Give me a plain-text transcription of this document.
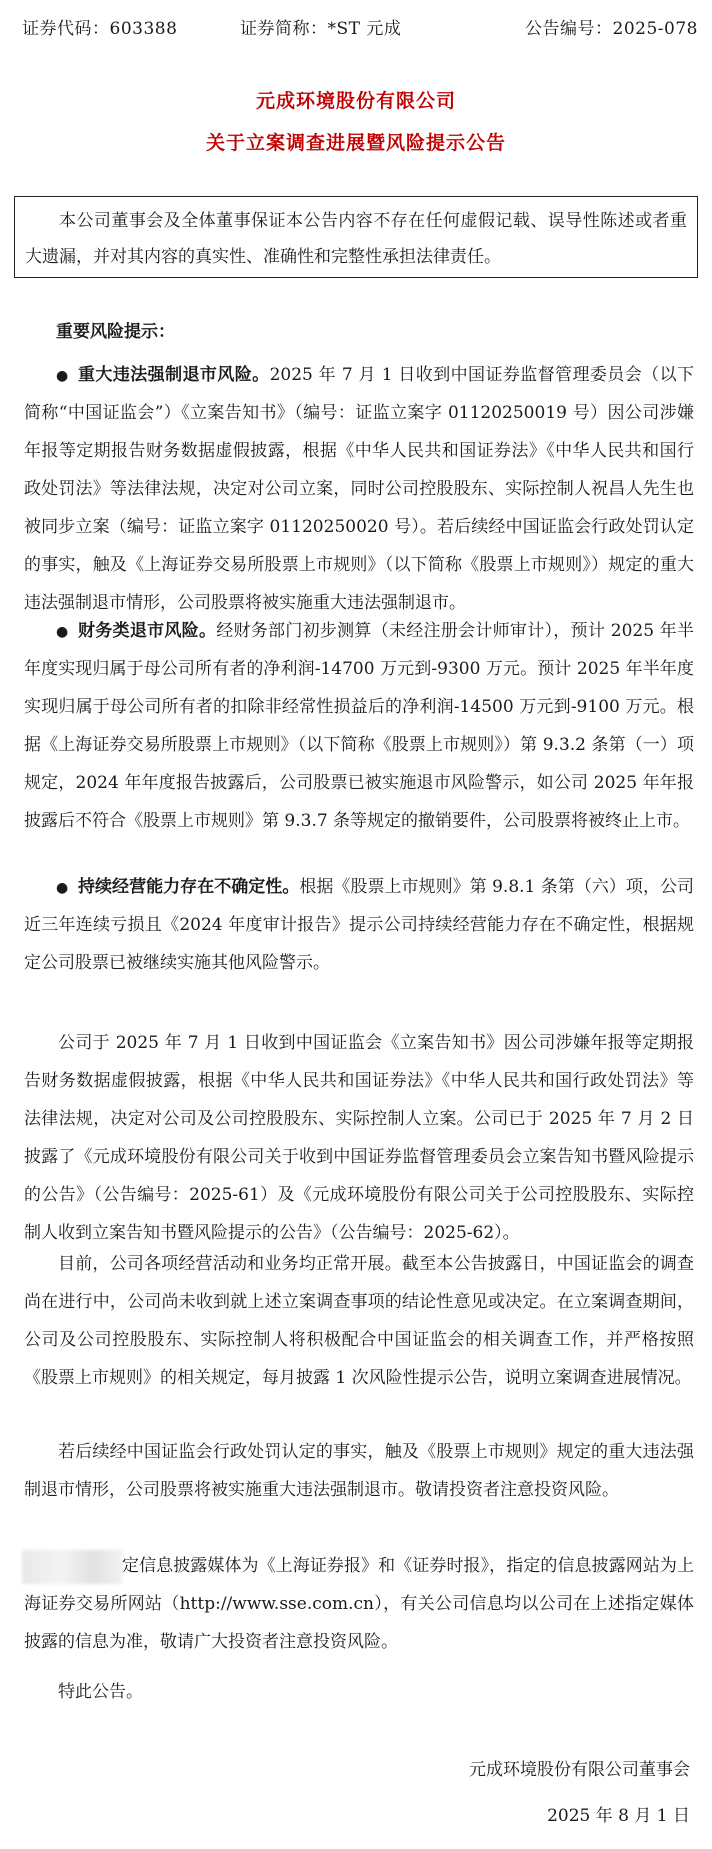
证券代码：603388	证券简称：*ST 元成	公告编号：2025-078
元成环境股份有限公司
关于立案调查进展暨风险提示公告
本公司董事会及全体董事保证本公告内容不存在任何虚假记载、误导性陈述或者重大遗漏，并对其内容的真实性、准确性和完整性承担法律责任。
重要风险提示：
● 重大违法强制退市风险。2025 年 7 月 1 日收到中国证券监督管理委员会（以下简称“中国证监会”）《立案告知书》（编号：证监立案字 01120250019 号）因公司涉嫌年报等定期报告财务数据虚假披露，根据《中华人民共和国证券法》《中华人民共和国行政处罚法》等法律法规，决定对公司立案，同时公司控股股东、实际控制人祝昌人先生也被同步立案（编号：证监立案字 01120250020 号）。若后续经中国证监会行政处罚认定的事实，触及《上海证券交易所股票上市规则》（以下简称《股票上市规则》）规定的重大违法强制退市情形，公司股票将被实施重大违法强制退市。
● 财务类退市风险。经财务部门初步测算（未经注册会计师审计），预计 2025 年半年度实现归属于母公司所有者的净利润-14700 万元到-9300 万元。预计 2025 年半年度实现归属于母公司所有者的扣除非经常性损益后的净利润-14500 万元到-9100 万元。根据《上海证券交易所股票上市规则》（以下简称《股票上市规则》）第 9.3.2 条第（一）项规定，2024 年年度报告披露后，公司股票已被实施退市风险警示，如公司 2025 年年报披露后不符合《股票上市规则》第 9.3.7 条等规定的撤销要件，公司股票将被终止上市。
● 持续经营能力存在不确定性。根据《股票上市规则》第 9.8.1 条第（六）项，公司近三年连续亏损且《2024 年度审计报告》提示公司持续经营能力存在不确定性，根据规定公司股票已被继续实施其他风险警示。
公司于 2025 年 7 月 1 日收到中国证监会《立案告知书》因公司涉嫌年报等定期报告财务数据虚假披露，根据《中华人民共和国证券法》《中华人民共和国行政处罚法》等法律法规，决定对公司及公司控股股东、实际控制人立案。公司已于 2025 年 7 月 2 日披露了《元成环境股份有限公司关于收到中国证券监督管理委员会立案告知书暨风险提示的公告》（公告编号：2025-61）及《元成环境股份有限公司关于公司控股股东、实际控制人收到立案告知书暨风险提示的公告》（公告编号：2025-62）。
目前，公司各项经营活动和业务均正常开展。截至本公告披露日，中国证监会的调查尚在进行中，公司尚未收到就上述立案调查事项的结论性意见或决定。在立案调查期间，公司及公司控股股东、实际控制人将积极配合中国证监会的相关调查工作，并严格按照《股票上市规则》的相关规定，每月披露 1 次风险性提示公告，说明立案调查进展情况。
若后续经中国证监会行政处罚认定的事实，触及《股票上市规则》规定的重大违法强制退市情形，公司股票将被实施重大违法强制退市。敬请投资者注意投资风险。
定信息披露媒体为《上海证券报》和《证券时报》，指定的信息披露网站为上海证券交易所网站（http://www.sse.com.cn），有关公司信息均以公司在上述指定媒体披露的信息为准，敬请广大投资者注意投资风险。
特此公告。
元成环境股份有限公司董事会
2025 年 8 月 1 日
